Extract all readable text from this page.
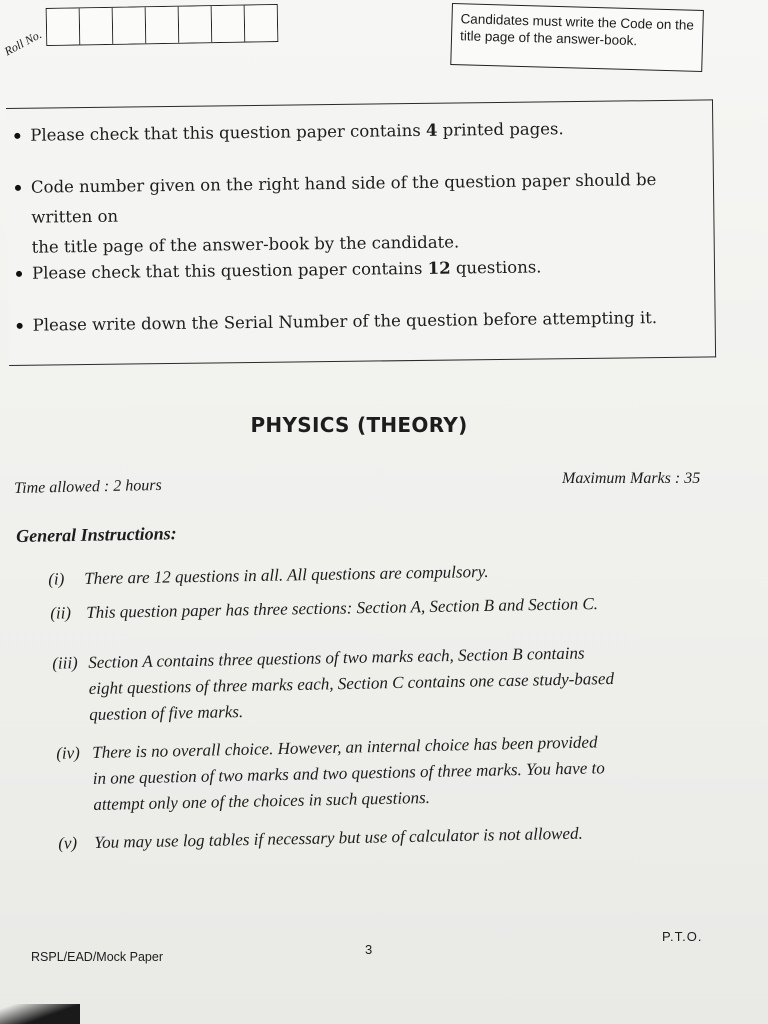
Roll No.
Candidates must write the Code on the
title page of the answer-book.
Please check that this question paper contains 4 printed pages.
Code number given on the right hand side of the question paper should be written on
the title page of the answer-book by the candidate.
Please check that this question paper contains 12 questions.
Please write down the Serial Number of the question before attempting it.
PHYSICS (THEORY)
Time allowed : 2 hours	Maximum Marks : 35
General Instructions:
(i) There are 12 questions in all. All questions are compulsory.
(ii) This question paper has three sections: Section A, Section B and Section C.
(iii) Section A contains three questions of two marks each, Section B contains
eight questions of three marks each, Section C contains one case study-based
question of five marks.
(iv) There is no overall choice. However, an internal choice has been provided
in one question of two marks and two questions of three marks. You have to
attempt only one of the choices in such questions.
(v) You may use log tables if necessary but use of calculator is not allowed.
RSPL/EAD/Mock Paper	3
P.T.O.
